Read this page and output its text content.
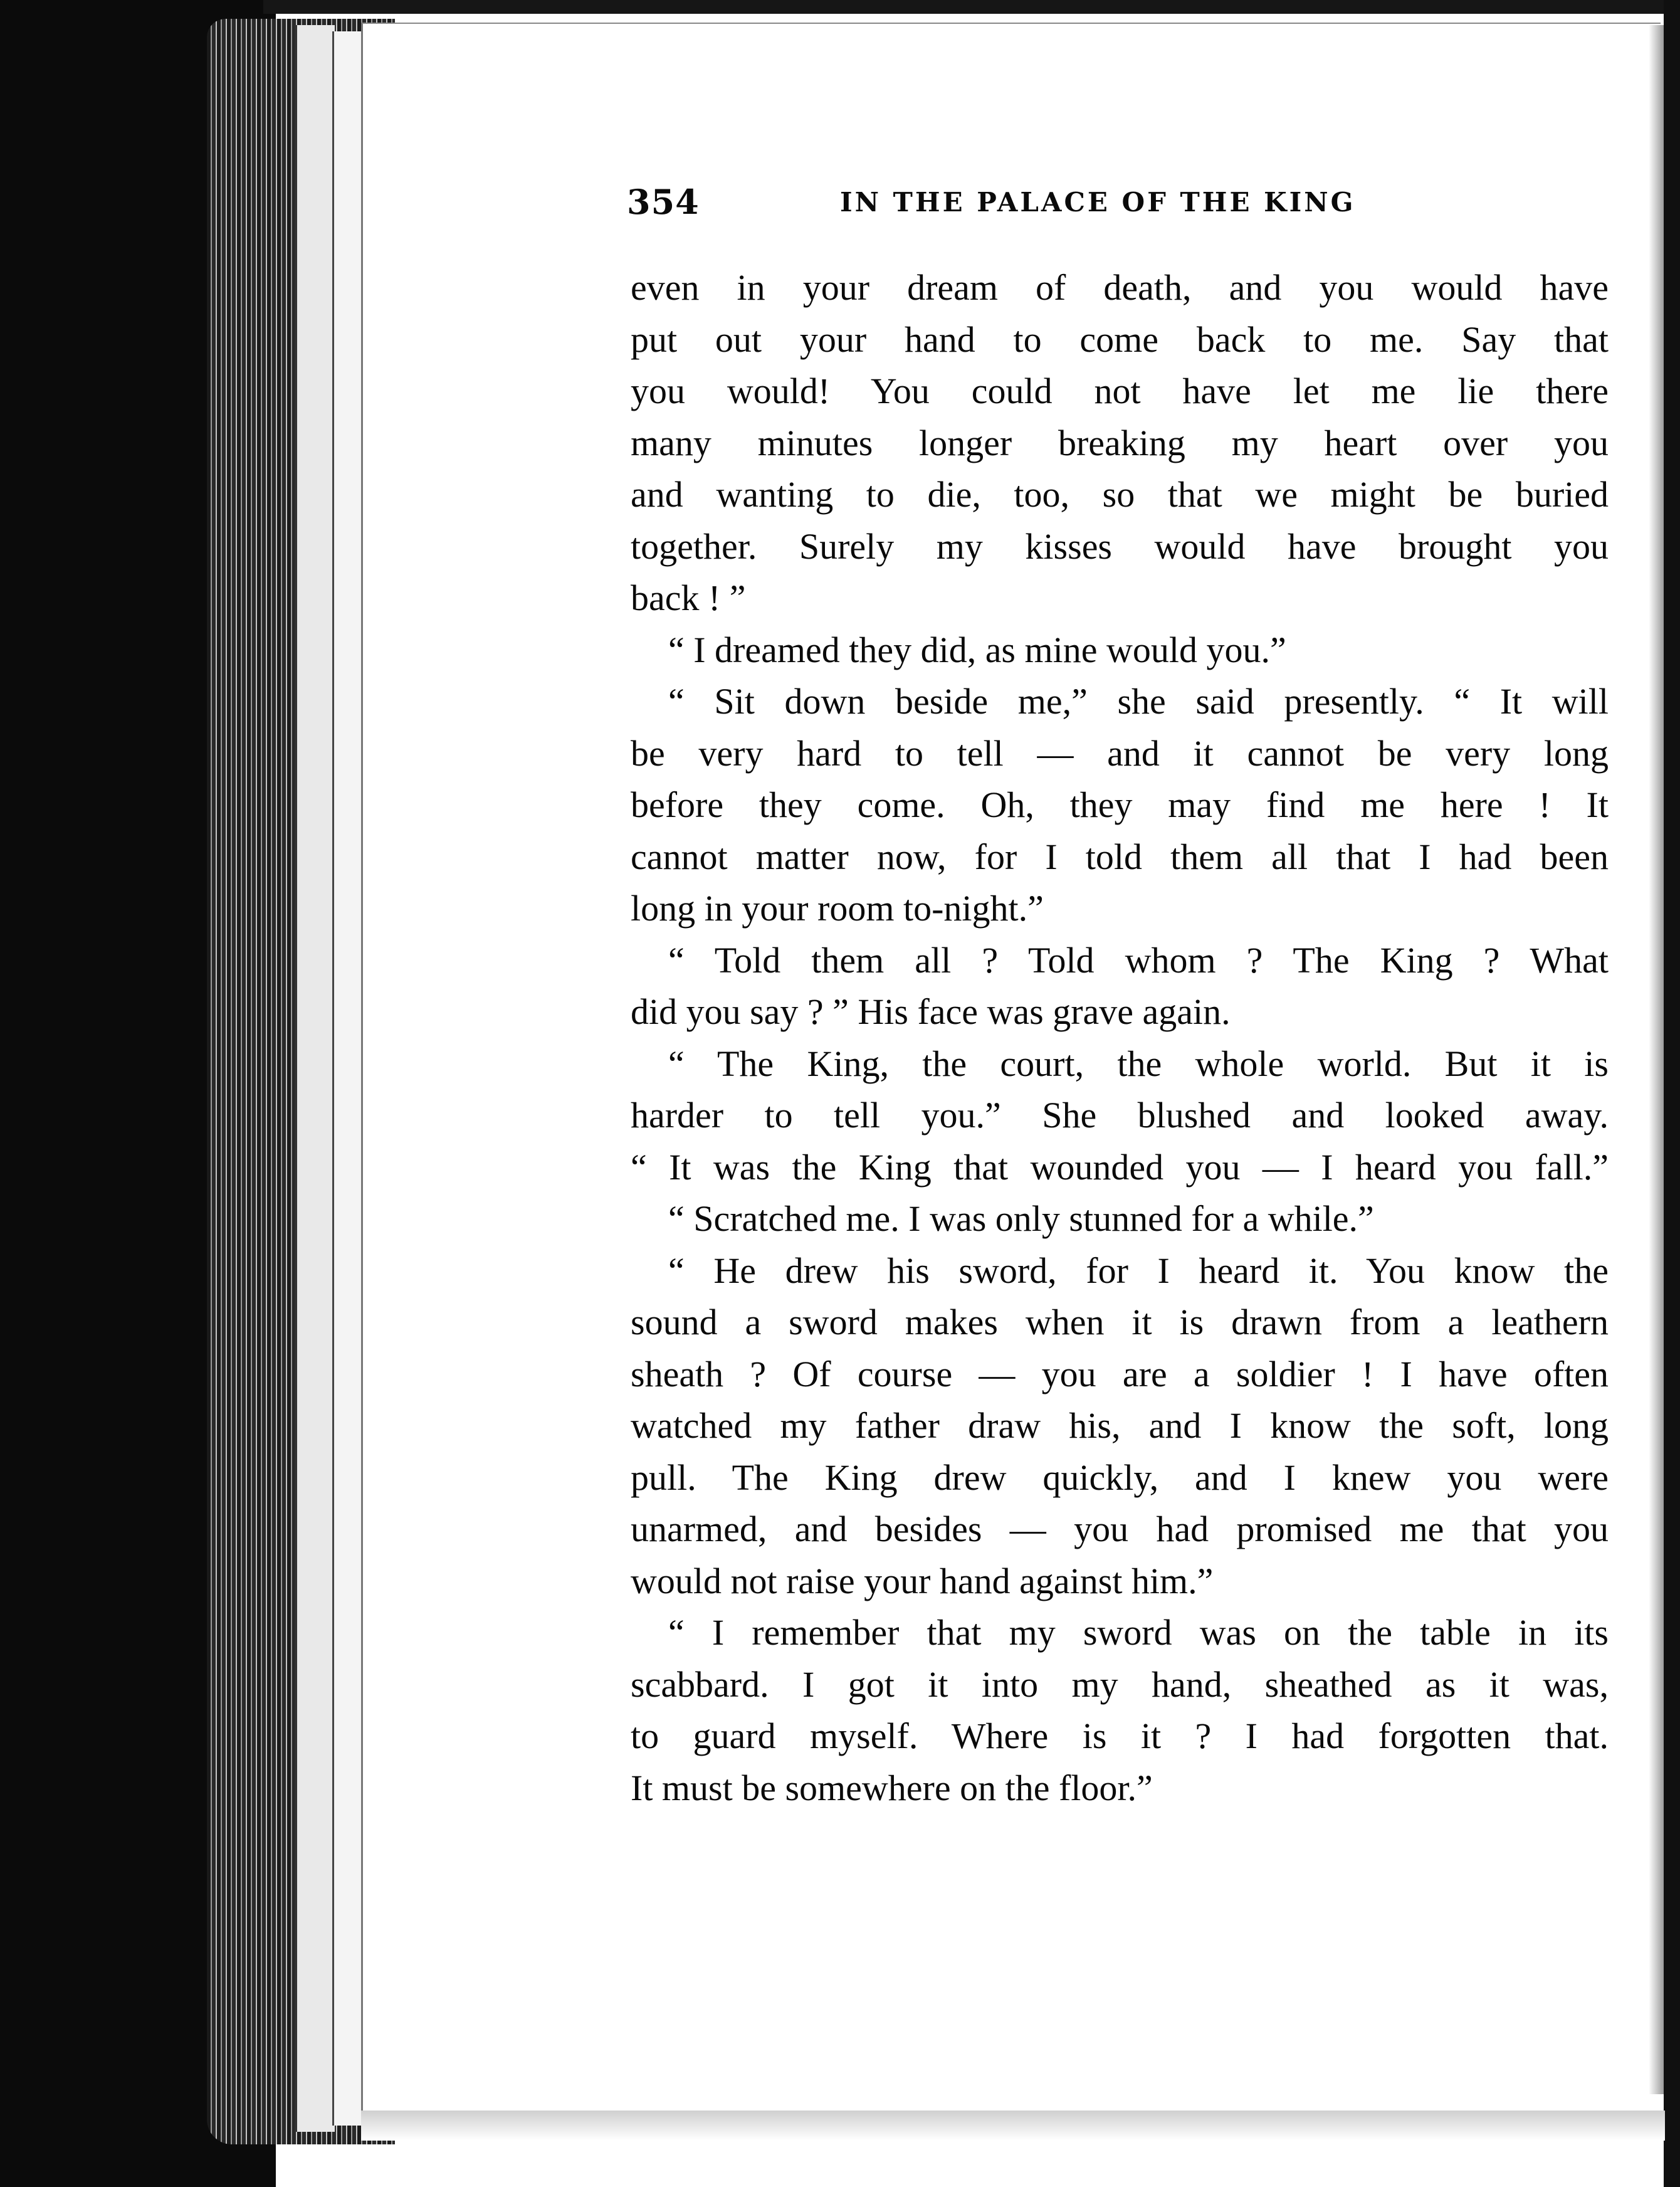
354	IN THE PALACE OF THE KING
even in your dream of death, and you would have
put out your hand to come back to me. Say that
you would! You could not have let me lie there
many minutes longer breaking my heart over you
and wanting to die, too, so that we might be buried
together. Surely my kisses would have brought you
back ! ”
“ I dreamed they did, as mine would you.”
“ Sit down beside me,” she said presently. “ It will
be very hard to tell — and it cannot be very long
before they come. Oh, they may find me here ! It
cannot matter now, for I told them all that I had been
long in your room to-night.”
“ Told them all ? Told whom ? The King ? What
did you say ? ” His face was grave again.
“ The King, the court, the whole world. But it is
harder to tell you.” She blushed and looked away.
“ It was the King that wounded you — I heard you fall.”
“ Scratched me. I was only stunned for a while.”
“ He drew his sword, for I heard it. You know the
sound a sword makes when it is drawn from a leathern
sheath ? Of course — you are a soldier ! I have often
watched my father draw his, and I know the soft, long
pull. The King drew quickly, and I knew you were
unarmed, and besides — you had promised me that you
would not raise your hand against him.”
“ I remember that my sword was on the table in its
scabbard. I got it into my hand, sheathed as it was,
to guard myself. Where is it ? I had forgotten that.
It must be somewhere on the floor.”
